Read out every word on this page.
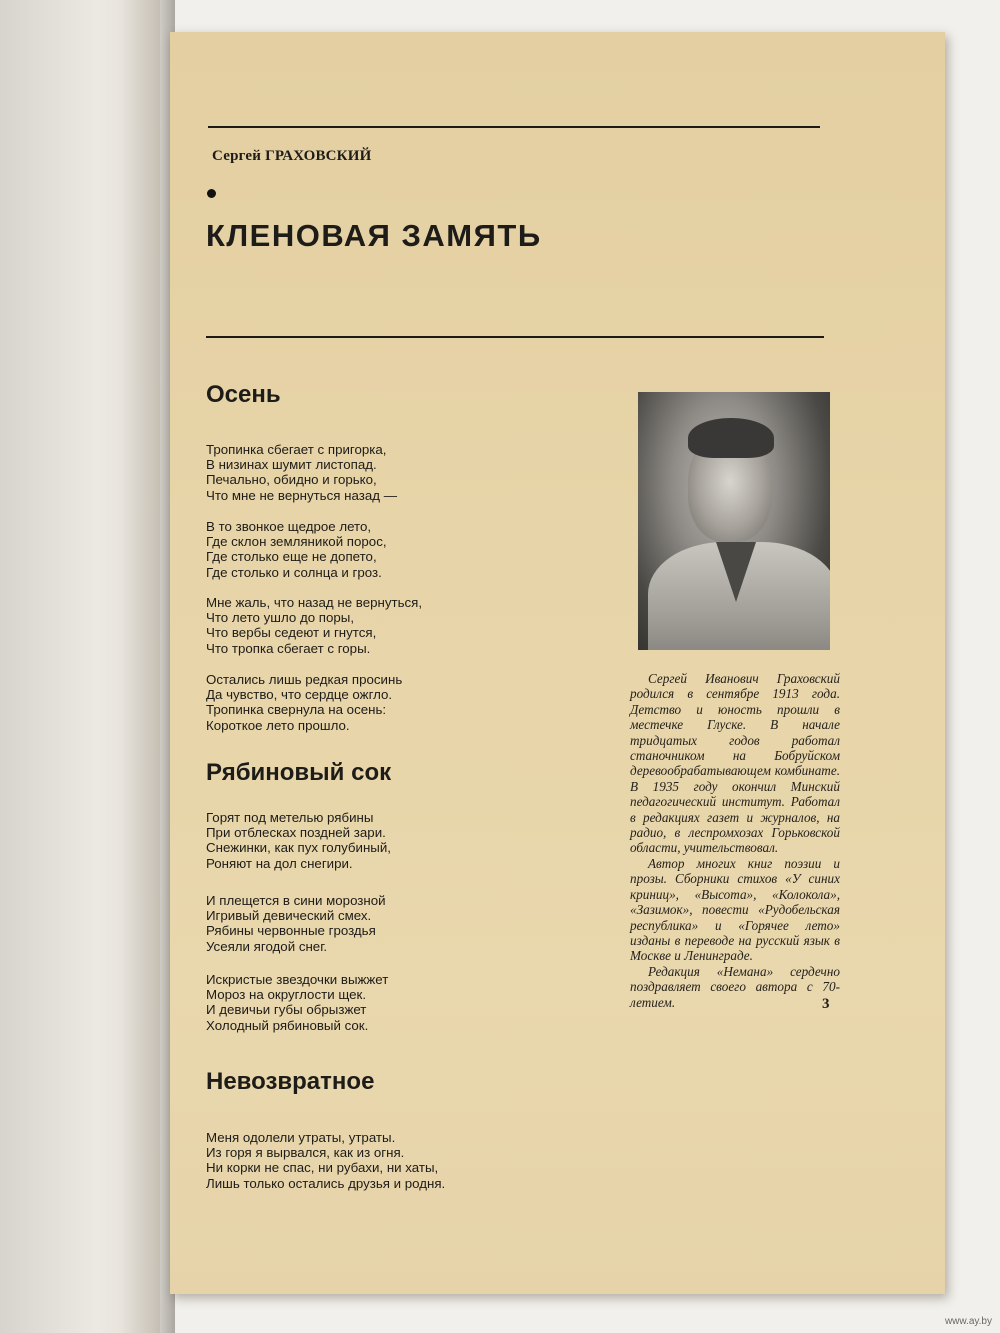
Сергей ГРАХОВСКИЙ
КЛЕНОВАЯ ЗАМЯТЬ
Осень
Тропинка сбегает с пригорка,
В низинах шумит листопад.
Печально, обидно и горько,
Что мне не вернуться назад —
В то звонкое щедрое лето,
Где склон земляникой порос,
Где столько еще не допето,
Где столько и солнца и гроз.
Мне жаль, что назад не вернуться,
Что лето ушло до поры,
Что вербы седеют и гнутся,
Что тропка сбегает с горы.
Остались лишь редкая просинь
Да чувство, что сердце ожгло.
Тропинка свернула на осень:
Короткое лето прошло.
Рябиновый сок
Горят под метелью рябины
При отблесках поздней зари.
Снежинки, как пух голубиный,
Роняют на дол снегири.
И плещется в сини морозной
Игривый девический смех.
Рябины червонные гроздья
Усеяли ягодой снег.
Искристые звездочки выжжет
Мороз на округлости щек.
И девичьи губы обрызжет
Холодный рябиновый сок.
Невозвратное
Меня одолели утраты, утраты.
Из горя я вырвался, как из огня.
Ни корки не спас, ни рубахи, ни хаты,
Лишь только остались друзья и родня.

Сергей Иванович Граховский родился в сентябре 1913 года. Детство и юность прошли в местечке Глуске. В начале тридцатых годов работал станочником на Бобруйском деревообрабатывающем комбинате. В 1935 году окончил Минский педагогический институт. Работал в редакциях газет и журналов, на радио, в леспромхозах Горьковской области, учительствовал.

Автор многих книг поэзии и прозы. Сборники стихов «У синих криниц», «Высота», «Колокола», «Зазимок», повести «Рудобельская республика» и «Горячее лето» изданы в переводе на русский язык в Москве и Ленинграде.

Редакция «Немана» сердечно поздравляет своего автора с 70-летием.	3
www.ay.by
